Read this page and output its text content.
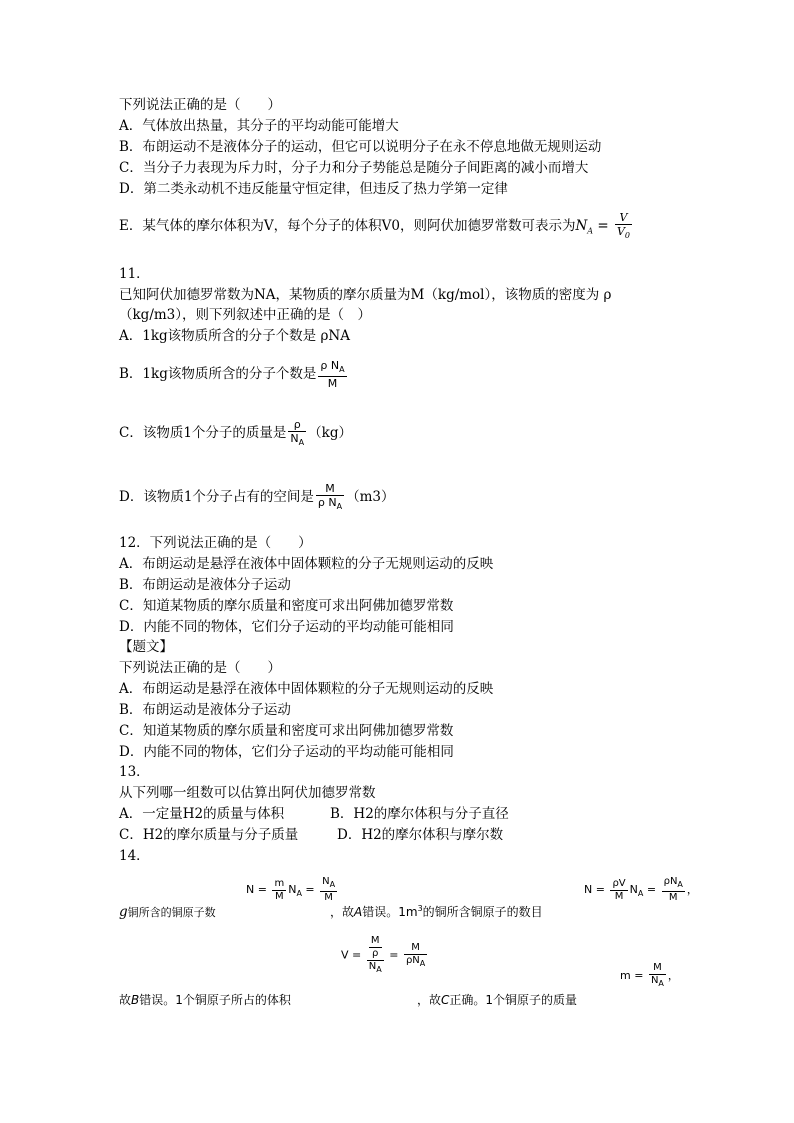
下列说法正确的是（　　）
A．气体放出热量，其分子的平均动能可能增大
B．布朗运动不是液体分子的运动，但它可以说明分子在永不停息地做无规则运动
C．当分子力表现为斥力时，分子力和分子势能总是随分子间距离的减小而增大
D．第二类永动机不违反能量守恒定律，但违反了热力学第一定律
E．某气体的摩尔体积为V，每个分子的体积V0，则阿伏加德罗常数可表示为$N_A = \frac{V}{V_0}$
11．
已知阿伏加德罗常数为NA，某物质的摩尔质量为M（kg/mol），该物质的密度为 ρ
（kg/m3），则下列叙述中正确的是（　）
A．1kg该物质所含的分子个数是 ρNA
B．1kg该物质所含的分子个数是 $\frac{\rho N_A}{M}$
C．该物质1个分子的质量是 $\frac{\rho}{N_A} (kg)$
D．该物质1个分子占有的空间是 $\frac{M}{\rho N_A} (m3)$
12．下列说法正确的是（　　）
A．布朗运动是悬浮在液体中固体颗粒的分子无规则运动的反映
B．布朗运动是液体分子运动
C．知道某物质的摩尔质量和密度可求出阿佛加德罗常数
D．内能不同的物体，它们分子运动的平均动能可能相同
【题文】
下列说法正确的是（　　）
A．布朗运动是悬浮在液体中固体颗粒的分子无规则运动的反映
B．布朗运动是液体分子运动
C．知道某物质的摩尔质量和密度可求出阿佛加德罗常数
D．内能不同的物体，它们分子运动的平均动能可能相同
13．
从下列哪一组数可以估算出阿伏加德罗常数
A．一定量H2的质量与体积	B．H2的摩尔体积与分子直径
C．H2的摩尔质量与分子质量	D．H2的摩尔体积与摩尔数
14．
g铜所含的铜原子数
$N = \frac{m}{M} N_A = \frac{N_A}{M}$
，故A错误。$1m^3$的铜所含铜原子的数目
$N = \frac{\rho V}{M} N_A = \frac{\rho N_A}{M}$ ，
故B错误。1个铜原子所占的体积
$V = \frac{\frac{M}{\rho}}{N_A} = \frac{M}{\rho N_A}$
，故C正确。1个铜原子的质量
$m = \frac{M}{N_A}$ ，
